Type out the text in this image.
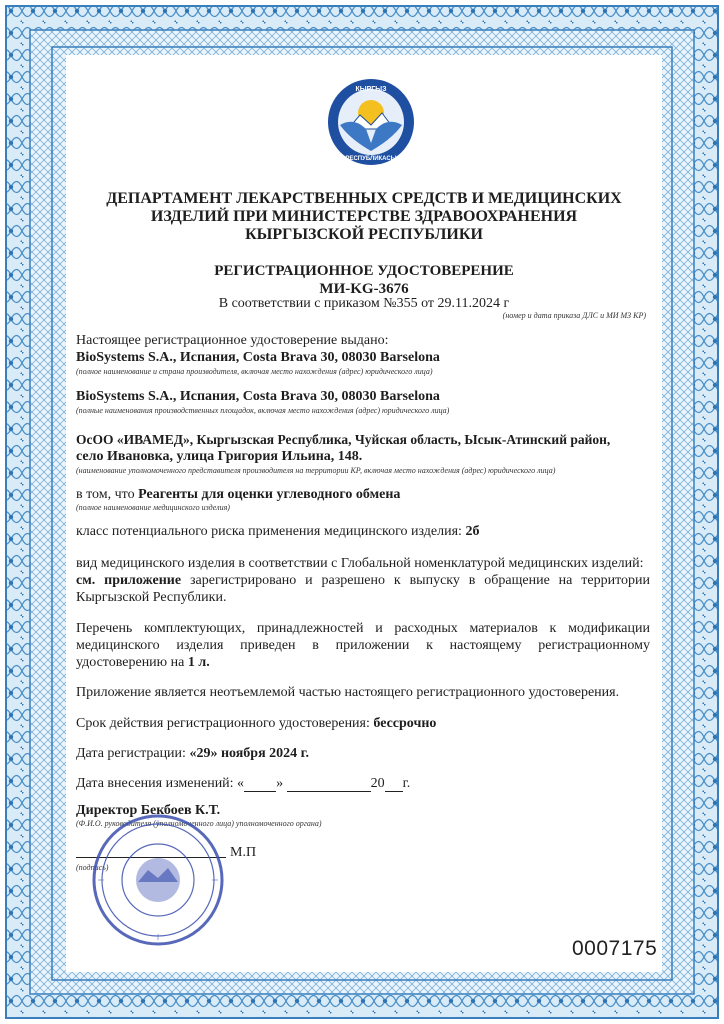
КЫРГЫЗ
РЕСПУБЛИКАСЫ
ДЕПАРТАМЕНТ ЛЕКАРСТВЕННЫХ СРЕДСТВ И МЕДИЦИНСКИХ
ИЗДЕЛИЙ ПРИ МИНИСТЕРСТВЕ ЗДРАВООХРАНЕНИЯ
КЫРГЫЗСКОЙ РЕСПУБЛИКИ
РЕГИСТРАЦИОННОЕ УДОСТОВЕРЕНИЕ
МИ-KG-3676
В соответствии с приказом №355 от 29.11.2024 г
(номер и дата приказа ДЛС и МИ МЗ КР)
Настоящее регистрационное удостоверение выдано:
BioSystems S.A., Испания, Costa Brava 30, 08030 Barselona
(полное наименование и страна производителя, включая место нахождения (адрес) юридического лица)
BioSystems S.A., Испания, Costa Brava 30, 08030 Barselona
(полные наименования производственных площадок, включая место нахождения (адрес) юридического лица)
ОсОО «ИВАМЕД», Кыргызская Республика, Чуйская область, Ысык-Атинский район,
село Ивановка, улица Григория Ильина, 148.
(наименование уполномоченного представителя производителя на территории КР, включая место нахождения (адрес) юридического лица)
в том, что Реагенты для оценки углеводного обмена
(полное наименование медицинского изделия)
класс потенциального риска применения медицинского изделия: 2б
вид медицинского изделия в соответствии с Глобальной номенклатурой медицинских изделий:
см. приложение зарегистрировано и разрешено к выпуску в обращение на территории
Кыргызской Республики.
Перечень комплектующих, принадлежностей и расходных материалов к модификации
медицинского изделия приведен в приложении к настоящему регистрационному
удостоверению на 1 л.
Приложение является неотъемлемой частью настоящего регистрационного удостоверения.
Срок действия регистрационного удостоверения: бессрочно
Дата регистрации: «29» ноября 2024 г.
Дата внесения изменений: « »	20 г.
Директор Бекбоев К.Т.
(Ф.И.О. руководителя (уполномоченного лица) уполномоченного органа)
М.П
(подпись)
0007175
